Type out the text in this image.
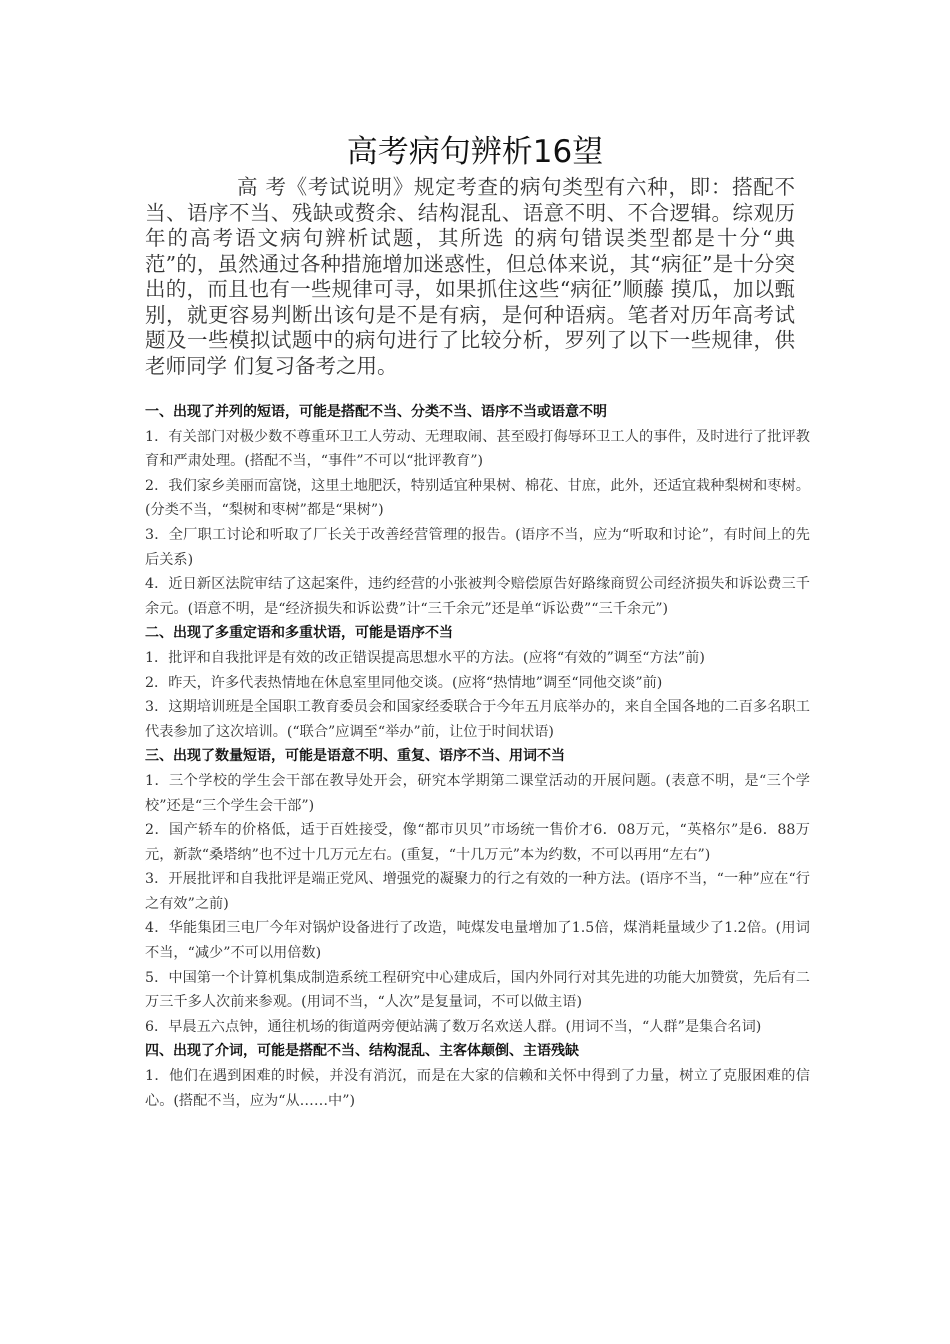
高考病句辨析16望

高 考《考试说明》规定考查的病句类型有六种，即：搭配不当、语序不当、残缺或赘余、结构混乱、语意不明、不合逻辑。综观历年的高考语文病句辨析试题，其所选 的病句错误类型都是十分“典范”的，虽然通过各种措施增加迷惑性，但总体来说，其“病征”是十分突出的，而且也有一些规律可寻，如果抓住这些“病征”顺藤 摸瓜，加以甄别，就更容易判断出该句是不是有病，是何种语病。笔者对历年高考试题及一些模拟试题中的病句进行了比较分析，罗列了以下一些规律，供老师同学 们复习备考之用。

一、出现了并列的短语，可能是搭配不当、分类不当、语序不当或语意不明

1．有关部门对极少数不尊重环卫工人劳动、无理取闹、甚至殴打侮辱环卫工人的事件，及时进行了批评教育和严肃处理。(搭配不当，“事件”不可以“批评教育”)

2．我们家乡美丽而富饶，这里土地肥沃，特别适宜种果树、棉花、甘庶，此外，还适宜栽种梨树和枣树。(分类不当，“梨树和枣树”都是“果树”)

3．全厂职工讨论和听取了厂长关于改善经营管理的报告。(语序不当，应为“听取和讨论”，有时间上的先后关系)

4．近日新区法院审结了这起案件，违约经营的小张被判令赔偿原告好路缘商贸公司经济损失和诉讼费三千余元。(语意不明，是“经济损失和诉讼费”计“三千余元”还是单“诉讼费”“三千余元”)

二、出现了多重定语和多重状语，可能是语序不当

1．批评和自我批评是有效的改正错误提高思想水平的方法。(应将“有效的”调至“方法”前)

2．昨天，许多代表热情地在休息室里同他交谈。(应将“热情地”调至“同他交谈”前)

3．这期培训班是全国职工教育委员会和国家经委联合于今年五月底举办的，来自全国各地的二百多名职工代表参加了这次培训。(“联合”应调至“举办”前，让位于时间状语)

三、出现了数量短语，可能是语意不明、重复、语序不当、用词不当

1．三个学校的学生会干部在教导处开会，研究本学期第二课堂活动的开展问题。(表意不明，是“三个学校”还是“三个学生会干部”)

2．国产轿车的价格低，适于百姓接受，像“都市贝贝”市场统一售价才6．08万元，“英格尔”是6．88万元，新款“桑塔纳”也不过十几万元左右。(重复，“十几万元”本为约数，不可以再用“左右”)

3．开展批评和自我批评是端正党风、增强党的凝聚力的行之有效的一种方法。(语序不当，“一种”应在“行之有效”之前)

4．华能集团三电厂今年对锅炉设备进行了改造，吨煤发电量增加了1.5倍，煤消耗量域少了1.2倍。(用词不当，“减少”不可以用倍数)

5．中国第一个计算机集成制造系统工程研究中心建成后，国内外同行对其先进的功能大加赞赏，先后有二万三千多人次前来参观。(用词不当，“人次”是复量词，不可以做主语)

6．早晨五六点钟，通往机场的街道两旁便站满了数万名欢送人群。(用词不当，“人群”是集合名词)

四、出现了介词，可能是搭配不当、结构混乱、主客体颠倒、主语残缺

1．他们在遇到困难的时候，并没有消沉，而是在大家的信赖和关怀中得到了力量，树立了克服困难的信心。(搭配不当，应为“从……中”)
